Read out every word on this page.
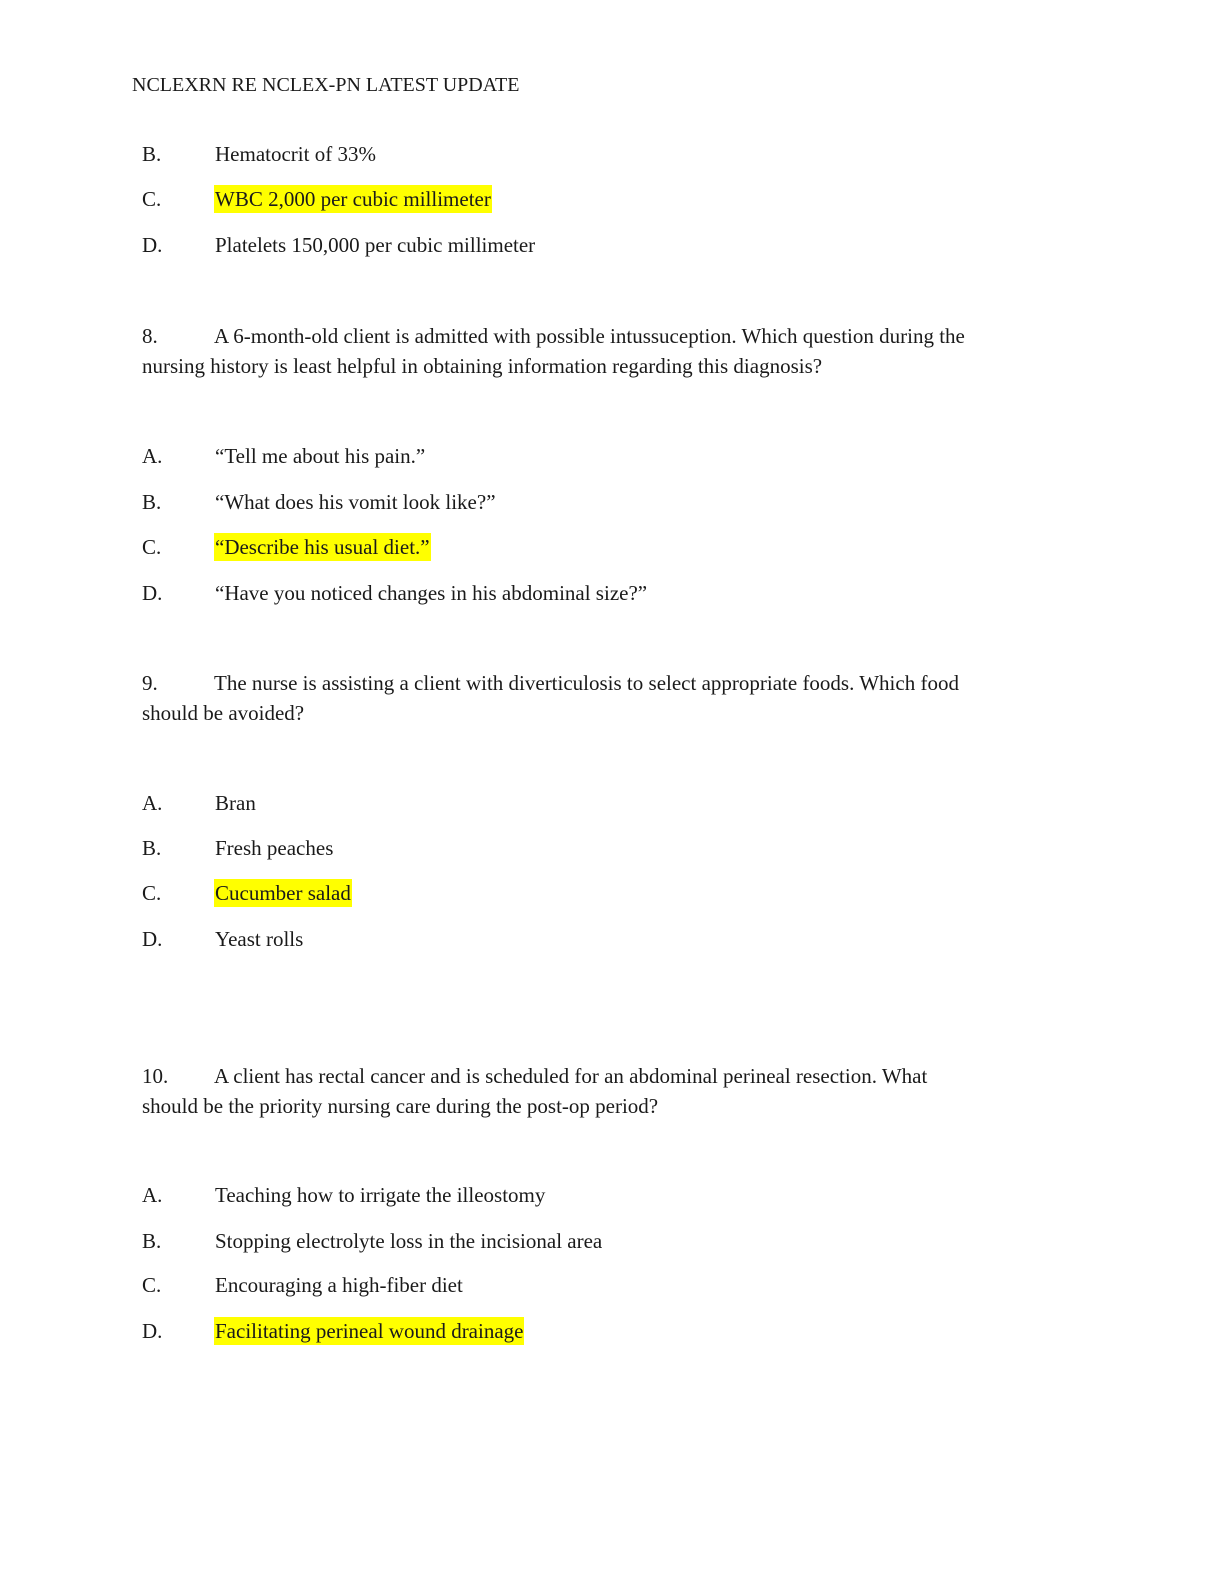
NCLEXRN RE NCLEX-PN LATEST UPDATE
B.	Hematocrit of 33%
C.	WBC 2,000 per cubic millimeter
D.	Platelets 150,000 per cubic millimeter
8.	A 6-month-old client is admitted with possible intussuception. Which question during the
nursing history is least helpful in obtaining information regarding this diagnosis?
A.	“Tell me about his pain.”
B.	“What does his vomit look like?”
C.	“Describe his usual diet.”
D.	“Have you noticed changes in his abdominal size?”
9.	The nurse is assisting a client with diverticulosis to select appropriate foods. Which food
should be avoided?
A.	Bran
B.	Fresh peaches
C.	Cucumber salad
D.	Yeast rolls
10. A client has rectal cancer and is scheduled for an abdominal perineal resection. What
should be the priority nursing care during the post-op period?
A.	Teaching how to irrigate the illeostomy
B.	Stopping electrolyte loss in the incisional area
C.	Encouraging a high-fiber diet
D.	Facilitating perineal wound drainage
